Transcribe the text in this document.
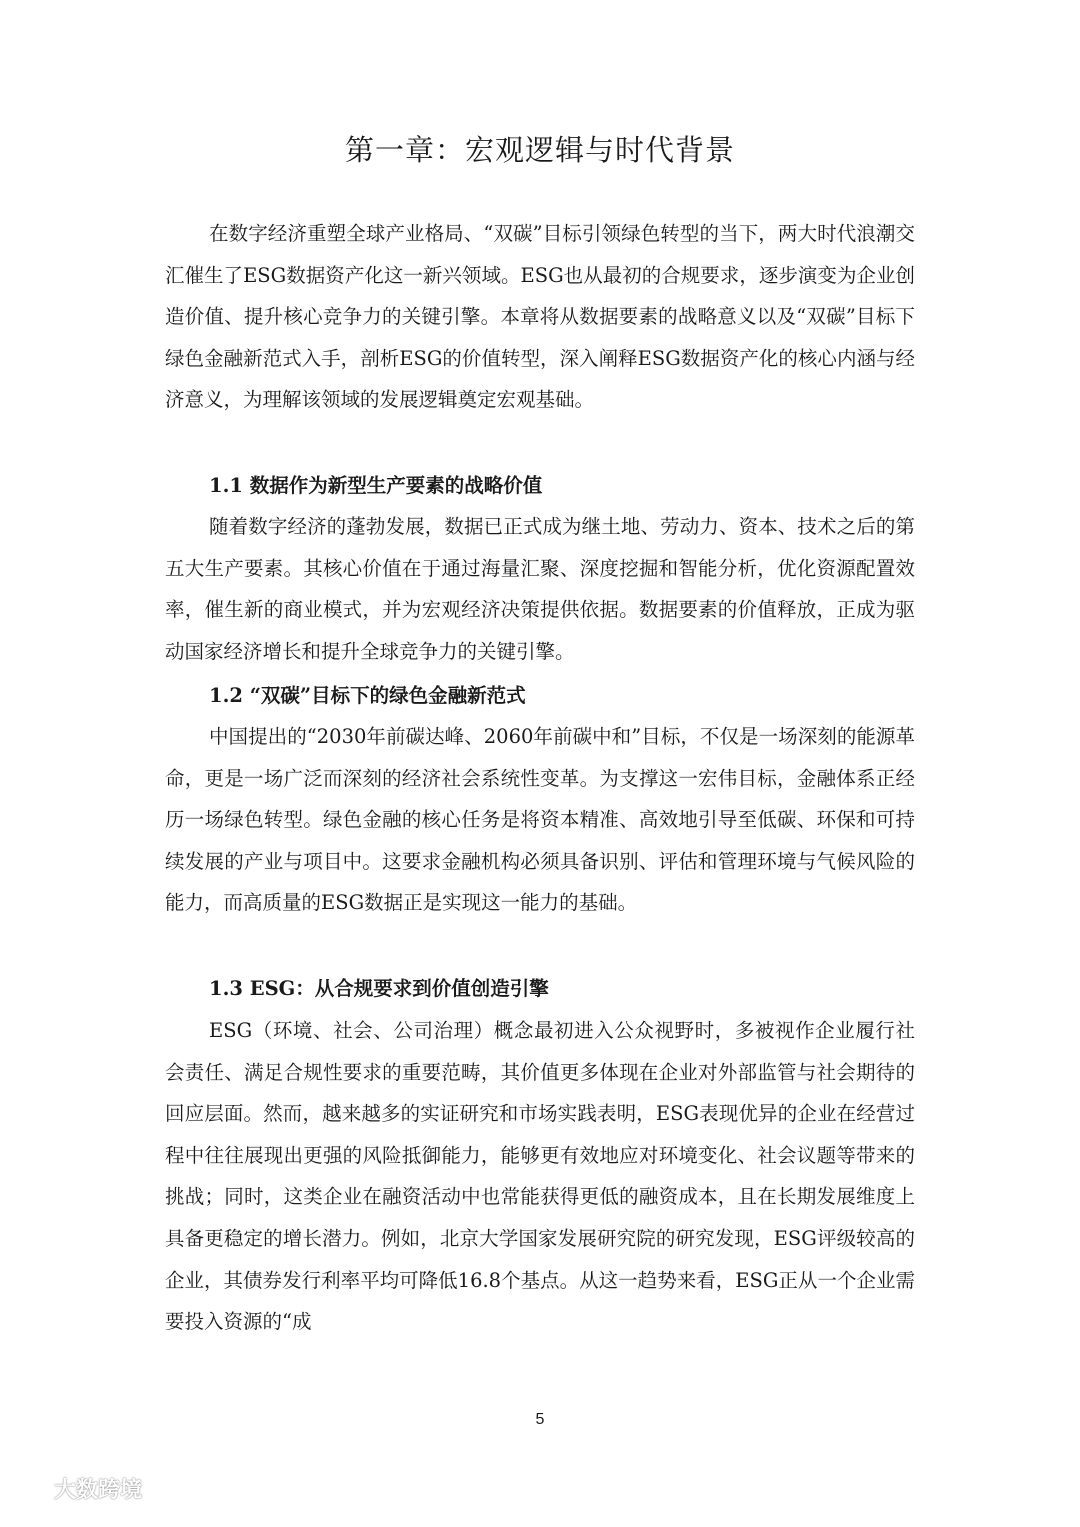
第一章：宏观逻辑与时代背景

在数字经济重塑全球产业格局、“双碳”目标引领绿色转型的当下，两大时代浪潮交汇催生了ESG数据资产化这一新兴领域。ESG也从最初的合规要求，逐步演变为企业创造价值、提升核心竞争力的关键引擎。本章将从数据要素的战略意义以及“双碳”目标下绿色金融新范式入手，剖析ESG的价值转型，深入阐释ESG数据资产化的核心内涵与经济意义，为理解该领域的发展逻辑奠定宏观基础。

1.1 数据作为新型生产要素的战略价值

随着数字经济的蓬勃发展，数据已正式成为继土地、劳动力、资本、技术之后的第五大生产要素。其核心价值在于通过海量汇聚、深度挖掘和智能分析，优化资源配置效率，催生新的商业模式，并为宏观经济决策提供依据。数据要素的价值释放，正成为驱动国家经济增长和提升全球竞争力的关键引擎。

1.2 “双碳”目标下的绿色金融新范式

中国提出的“2030年前碳达峰、2060年前碳中和”目标，不仅是一场深刻的能源革命，更是一场广泛而深刻的经济社会系统性变革。为支撑这一宏伟目标，金融体系正经历一场绿色转型。绿色金融的核心任务是将资本精准、高效地引导至低碳、环保和可持续发展的产业与项目中。这要求金融机构必须具备识别、评估和管理环境与气候风险的能力，而高质量的ESG数据正是实现这一能力的基础。

1.3 ESG：从合规要求到价值创造引擎

ESG（环境、社会、公司治理）概念最初进入公众视野时，多被视作企业履行社会责任、满足合规性要求的重要范畴，其价值更多体现在企业对外部监管与社会期待的回应层面。然而，越来越多的实证研究和市场实践表明，ESG表现优异的企业在经营过程中往往展现出更强的风险抵御能力，能够更有效地应对环境变化、社会议题等带来的挑战；同时，这类企业在融资活动中也常能获得更低的融资成本，且在长期发展维度上具备更稳定的增长潜力。例如，北京大学国家发展研究院的研究发现，ESG评级较高的企业，其债券发行利率平均可降低16.8个基点。从这一趋势来看，ESG正从一个企业需要投入资源的“成

5
大数跨境
